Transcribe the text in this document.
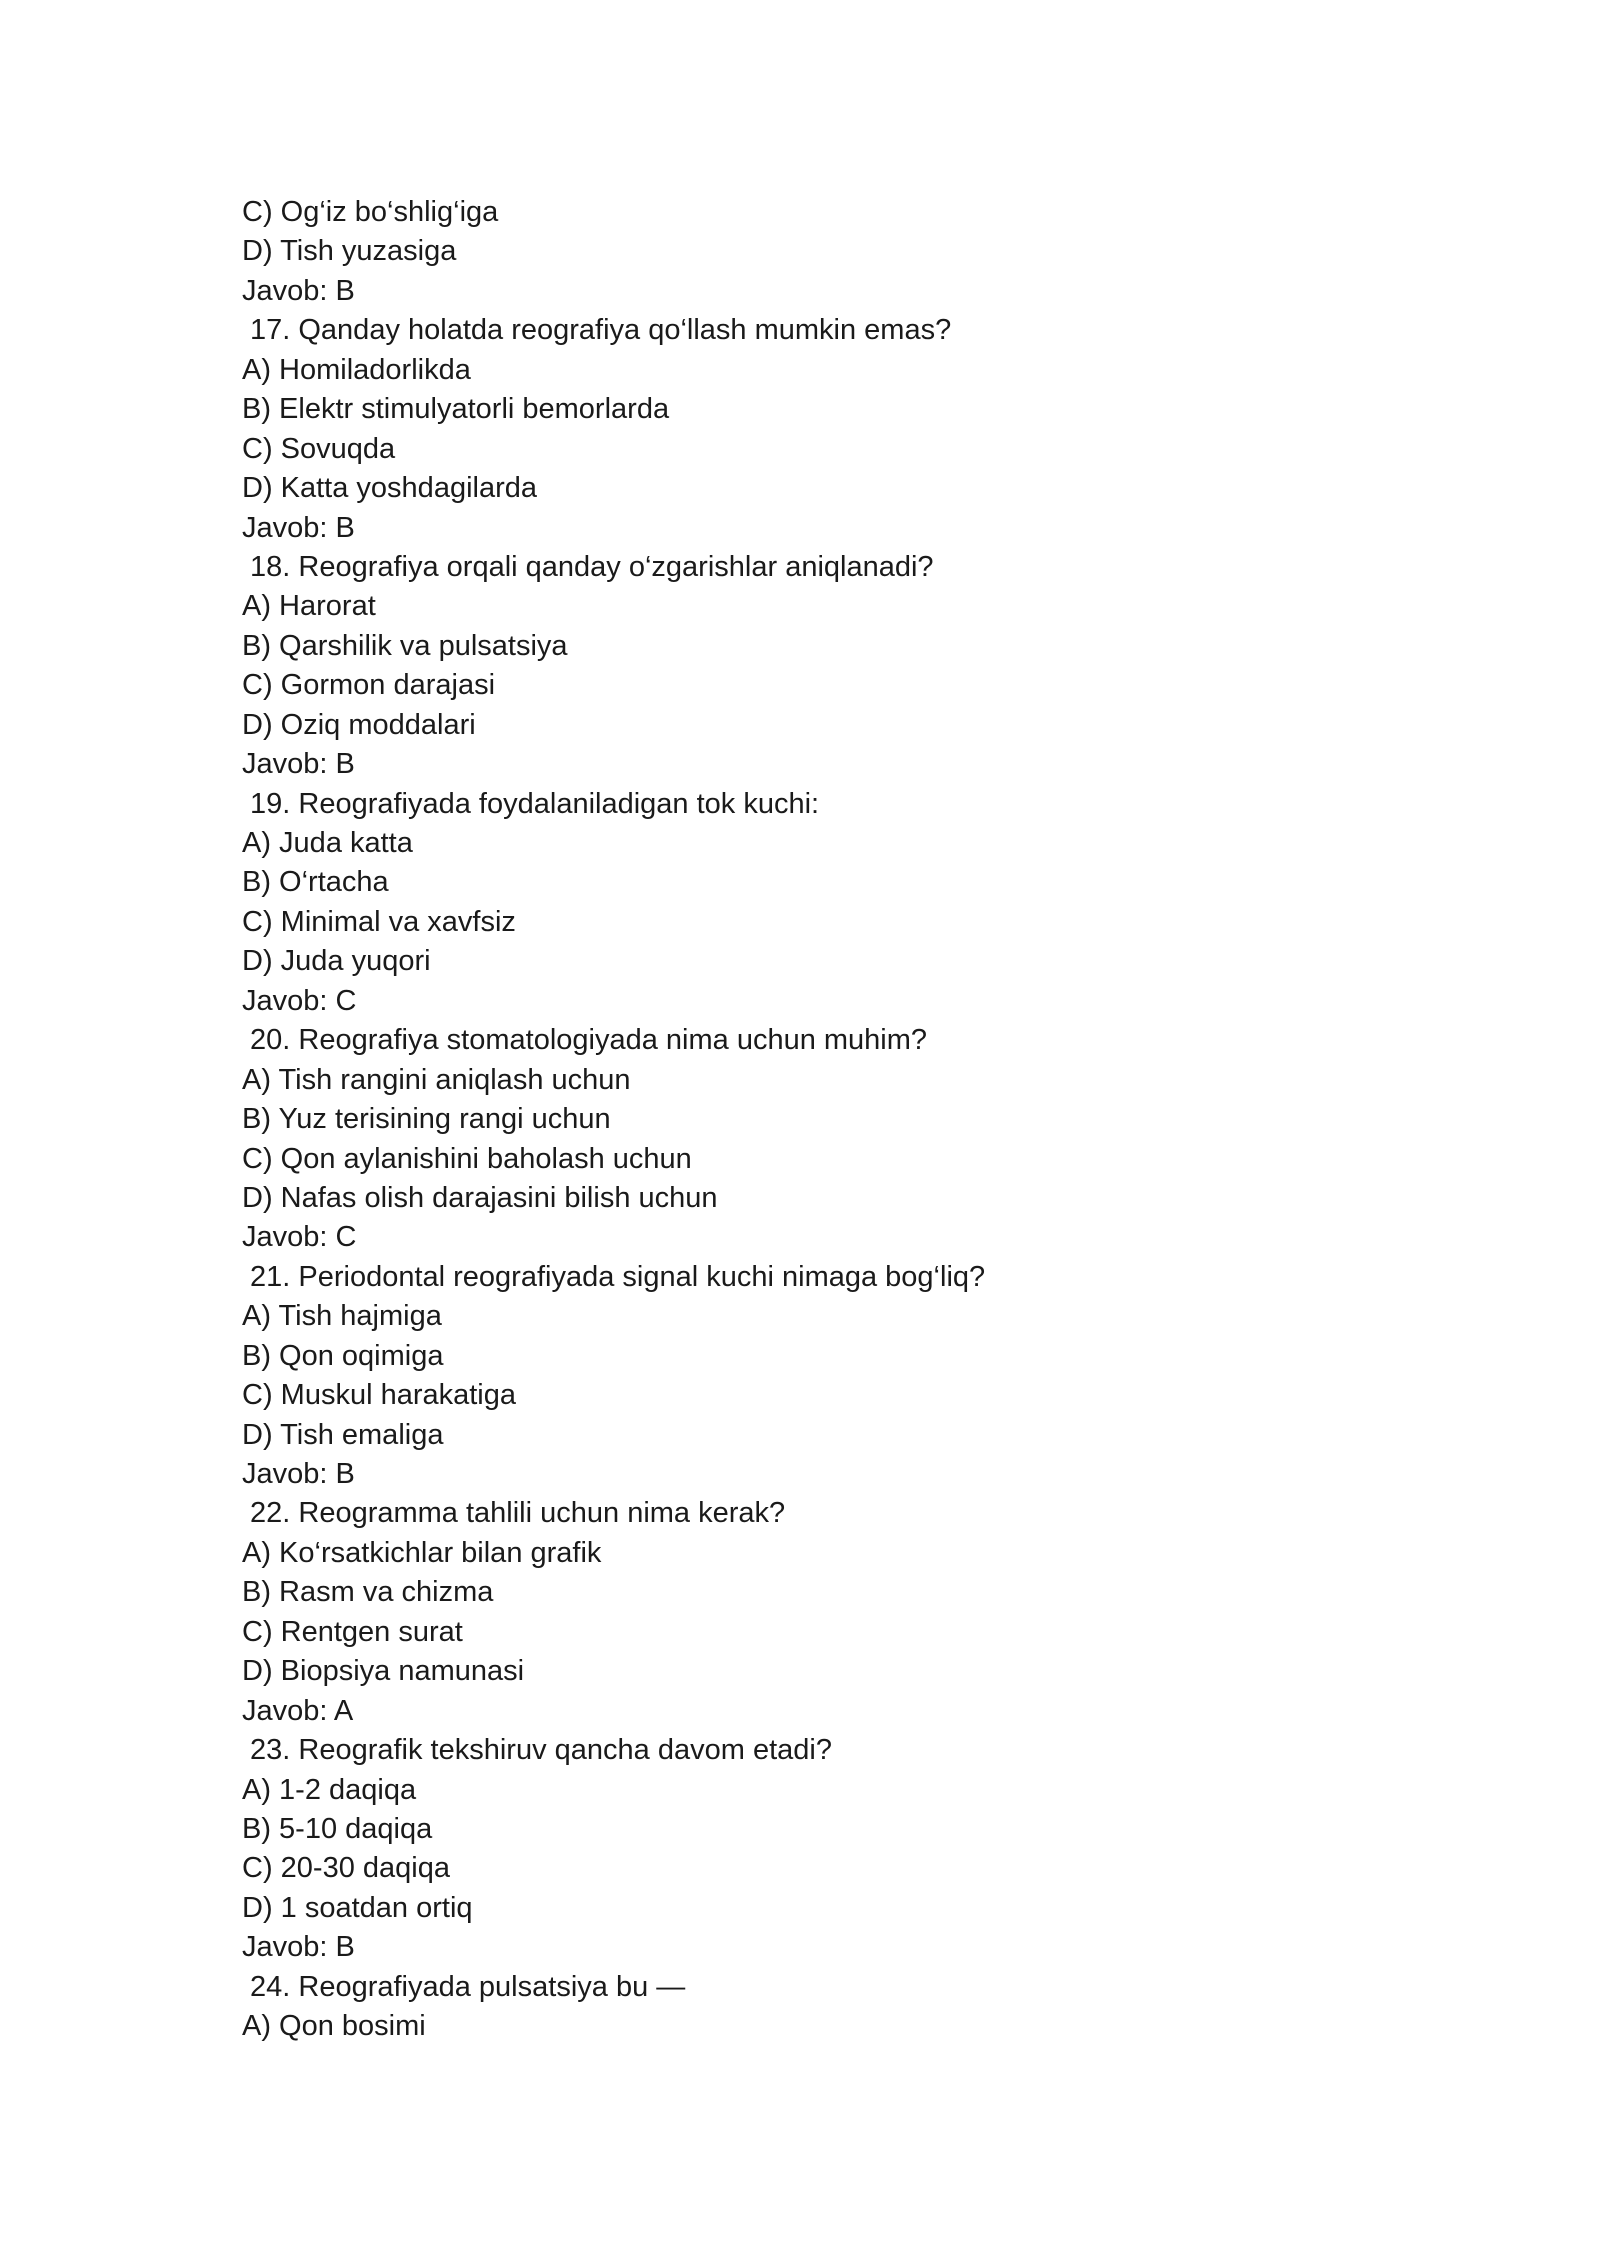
C) Og‘iz bo‘shlig‘iga
D) Tish yuzasiga
Javob: B
17. Qanday holatda reografiya qo‘llash mumkin emas?
A) Homiladorlikda
B) Elektr stimulyatorli bemorlarda
C) Sovuqda
D) Katta yoshdagilarda
Javob: B
18. Reografiya orqali qanday o‘zgarishlar aniqlanadi?
A) Harorat
B) Qarshilik va pulsatsiya
C) Gormon darajasi
D) Oziq moddalari
Javob: B
19. Reografiyada foydalaniladigan tok kuchi:
A) Juda katta
B) O‘rtacha
C) Minimal va xavfsiz
D) Juda yuqori
Javob: C
20. Reografiya stomatologiyada nima uchun muhim?
A) Tish rangini aniqlash uchun
B) Yuz terisining rangi uchun
C) Qon aylanishini baholash uchun
D) Nafas olish darajasini bilish uchun
Javob: C
21. Periodontal reografiyada signal kuchi nimaga bog‘liq?
A) Tish hajmiga
B) Qon oqimiga
C) Muskul harakatiga
D) Tish emaliga
Javob: B
22. Reogramma tahlili uchun nima kerak?
A) Ko‘rsatkichlar bilan grafik
B) Rasm va chizma
C) Rentgen surat
D) Biopsiya namunasi
Javob: A
23. Reografik tekshiruv qancha davom etadi?
A) 1-2 daqiqa
B) 5-10 daqiqa
C) 20-30 daqiqa
D) 1 soatdan ortiq
Javob: B
24. Reografiyada pulsatsiya bu —
A) Qon bosimi
